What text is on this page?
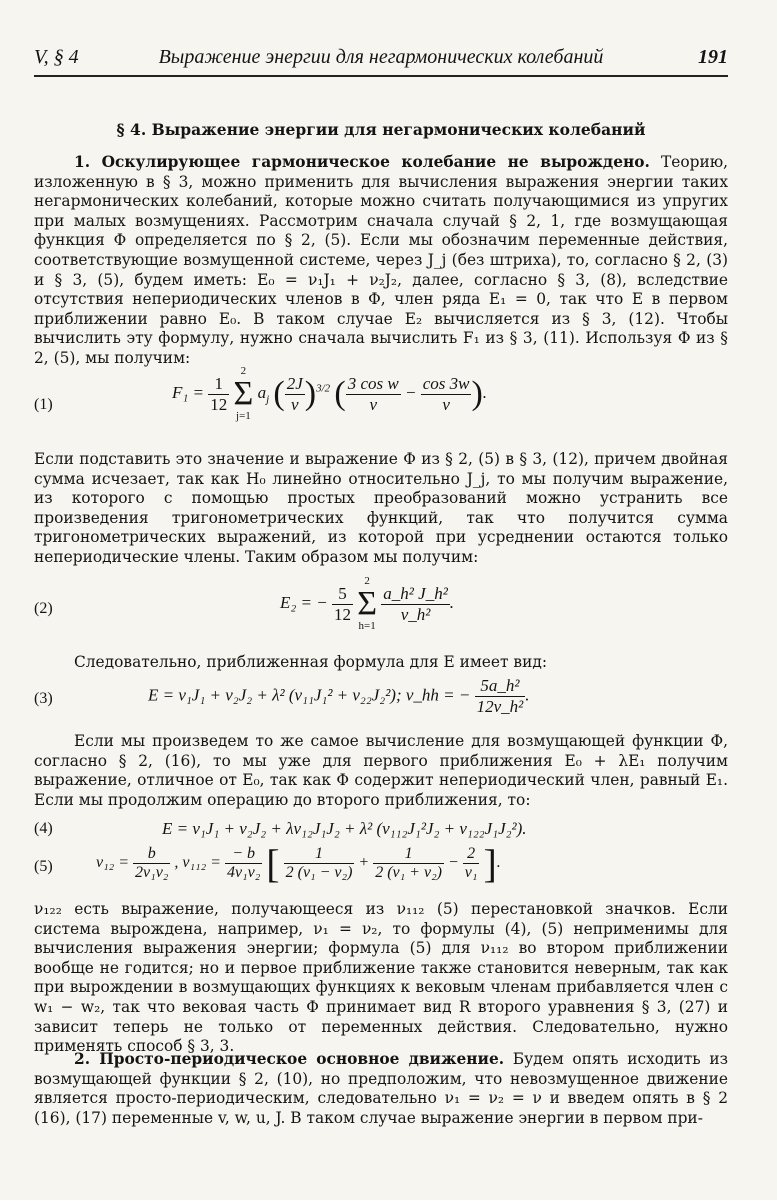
V, § 4	Выражение энергии для негармонических колебаний	191
§ 4. Выражение энергии для негармонических колебаний
1. Оскулирующее гармоническое колебание не вырождено. Теорию, изложенную в § 3, можно применить для вычисления выражения энергии таких негармонических колебаний, которые можно считать получающимися из упругих при малых возмущениях. Рассмотрим сначала случай § 2, 1, где возмущающая функция Φ определяется по § 2, (5). Если мы обозначим переменные действия, соответствующие возмущенной системе, через J_j (без штриха), то, согласно § 2, (3) и § 3, (5), будем иметь: E₀ = ν₁J₁ + ν₂J₂, далее, согласно § 3, (8), вследствие отсутствия непериодических членов в Φ, член ряда E₁ = 0, так что E в первом приближении равно E₀. В таком случае E₂ вычисляется из § 3, (12). Чтобы вычислить эту формулу, нужно сначала вычислить F₁ из § 3, (11). Используя Φ из § 2, (5), мы получим:
(1)
$F_1 = \frac{1}{12}$

2
Σ
j=1
$a_j$ ( $\frac{2J}{\nu} )^{3/2}$ ( $\frac{\text{3 cos w}}{\nu} - \frac{\cos 3w}{\nu}$ ).
Если подставить это значение и выражение Φ из § 2, (5) в § 3, (12), причем двойная сумма исчезает, так как H₀ линейно относительно J_j, то мы получим выражение, из которого с помощью простых преобразований можно устранить все произведения тригонометрических функций, так что получится сумма тригонометрических выражений, из которой при усреднении остаются только непериодические члены. Таким образом мы получим:
(2)	E₂ = − $\frac{5}{12}$

2
Σ
h=1

$\frac{\text{a\_h² J\_h²}}{\text{ν\_h²}}$ .
Следовательно, приближенная формула для E имеет вид:
(3)	E = ν₁J₁ + ν₂J₂ + λ² (ν₁₁J₁² + ν₂₂J₂²); ν_hh = − $\frac{\text{5a\_h²}}{\text{12ν\_h²}}$ .
Если мы произведем то же самое вычисление для возмущающей функции Φ, согласно § 2, (16), то мы уже для первого приближения E₀ + λE₁ получим выражение, отличное от E₀, так как Φ содержит непериодический член, равный E₁. Если мы продолжим операцию до второго приближения, то:
(4)	E = ν₁J₁ + ν₂J₂ + λν₁₂J₁J₂ + λ² (ν₁₁₂J₁²J₂ + ν₁₂₂J₁J₂²).
(5)	$\nu_{12} = \frac{b}{\text{2ν₁ν₂}}$ , $\nu_{112} = \frac{- b}{\text{4ν₁ν₂}}$ [ $\frac{1}{\text{2 (ν₁ − ν₂)}} + \frac{1}{\text{2 (ν₁ + ν₂)}} - \frac{2}{\text{ν₁}}$ ].
ν₁₂₂ есть выражение, получающееся из ν₁₁₂ (5) перестановкой значков. Если система вырождена, например, ν₁ = ν₂, то формулы (4), (5) неприменимы для вычисления выражения энергии; формула (5) для ν₁₁₂ во втором приближении вообще не годится; но и первое приближение также становится неверным, так как при вырождении в возмущающих функциях к вековым членам прибавляется член с w₁ − w₂, так что вековая часть Φ принимает вид R второго уравнения § 3, (27) и зависит теперь не только от переменных действия. Следовательно, нужно применять способ § 3, 3.
2. Просто-периодическое основное движение. Будем опять исходить из возмущающей функции § 2, (10), но предположим, что невозмущенное движение является просто-периодическим, следовательно ν₁ = ν₂ = ν и введем опять в § 2 (16), (17) переменные v, w, u, J. В таком случае выражение энергии в первом при-
